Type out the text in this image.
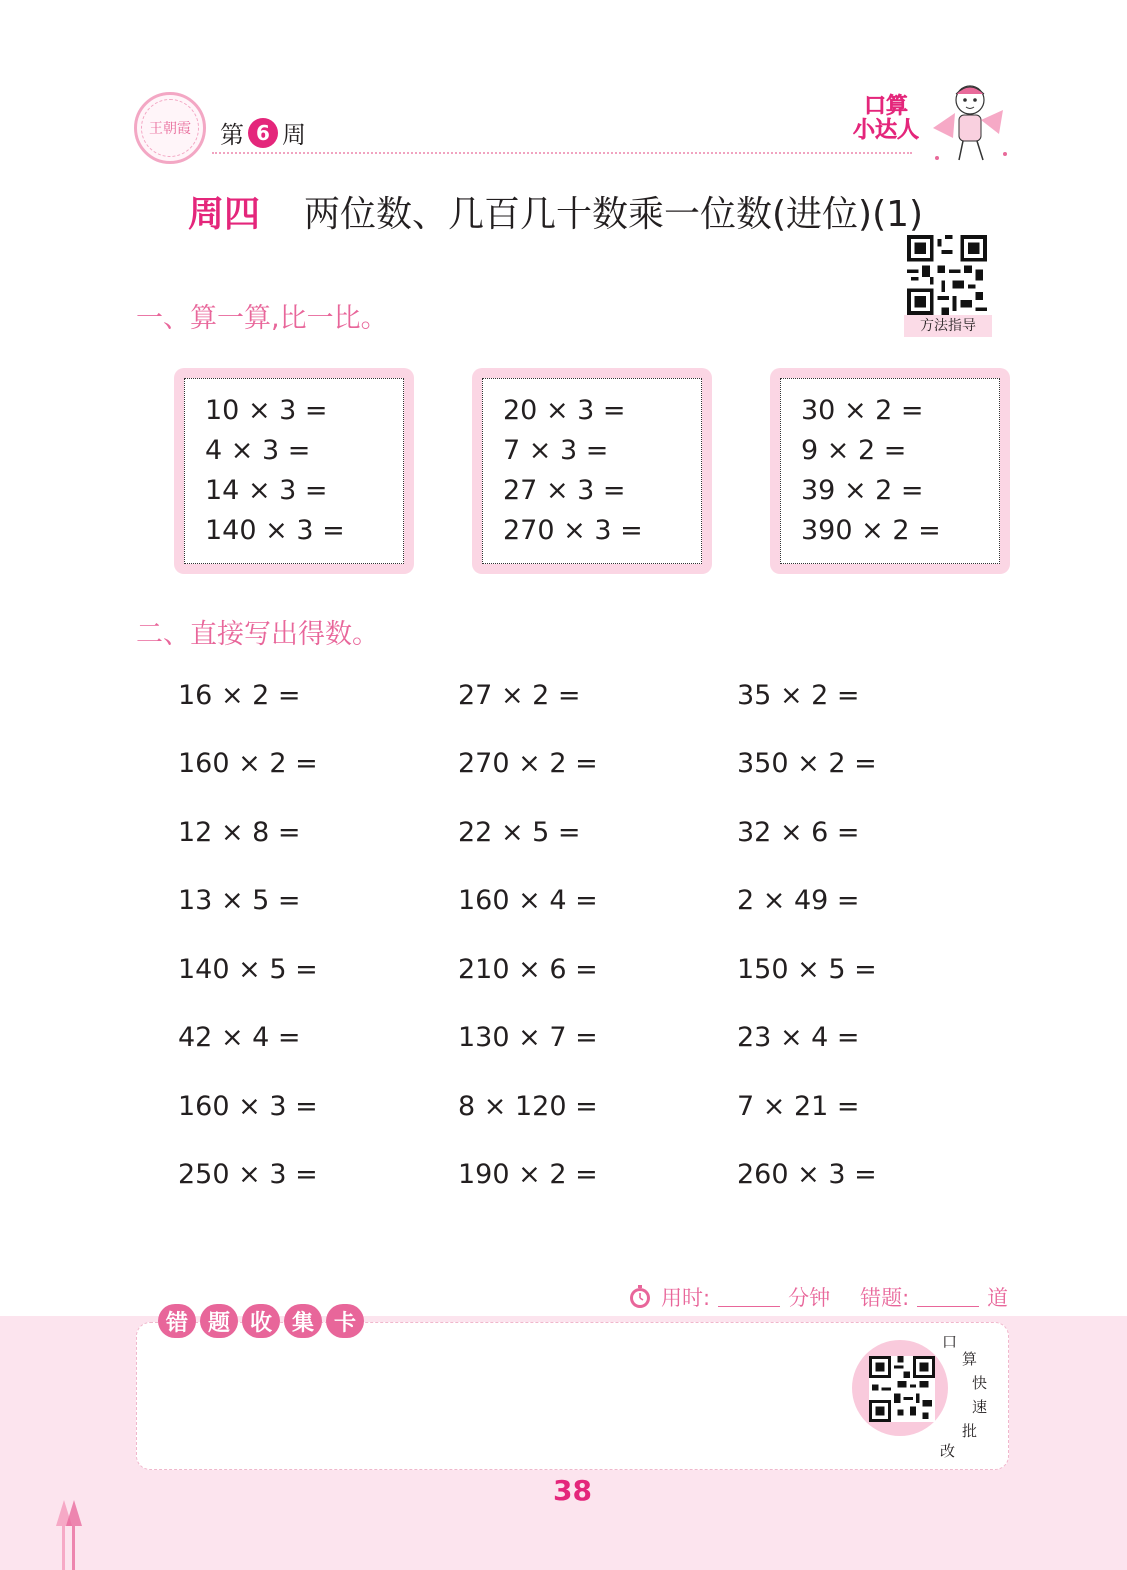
王朝霞	第 6 周
口算
小达人
周四 两位数、几百几十数乘一位数(进位)(1)
方法指导
一、算一算,比一比。
10 × 3 =
4 × 3 =
14 × 3 =
140 × 3 =
20 × 3 =
7 × 3 =
27 × 3 =
270 × 3 =
30 × 2 =
9 × 2 =
39 × 2 =
390 × 2 =
二、直接写出得数。
16 × 2 =	27 × 2 =	35 × 2 =
160 × 2 =	270 × 2 =	350 × 2 =
12 × 8 =	22 × 5 =	32 × 6 =
13 × 5 =	160 × 4 =	2 × 49 =
140 × 5 =	210 × 6 =	150 × 5 =
42 × 4 =	130 × 7 =	23 × 4 =
160 × 3 =	8 × 120 =	7 × 21 =
250 × 3 =	190 × 2 =	260 × 3 =
用时:	分钟 错题:	道
错 题 收 集 卡
口
算
快
速
批
改
38
